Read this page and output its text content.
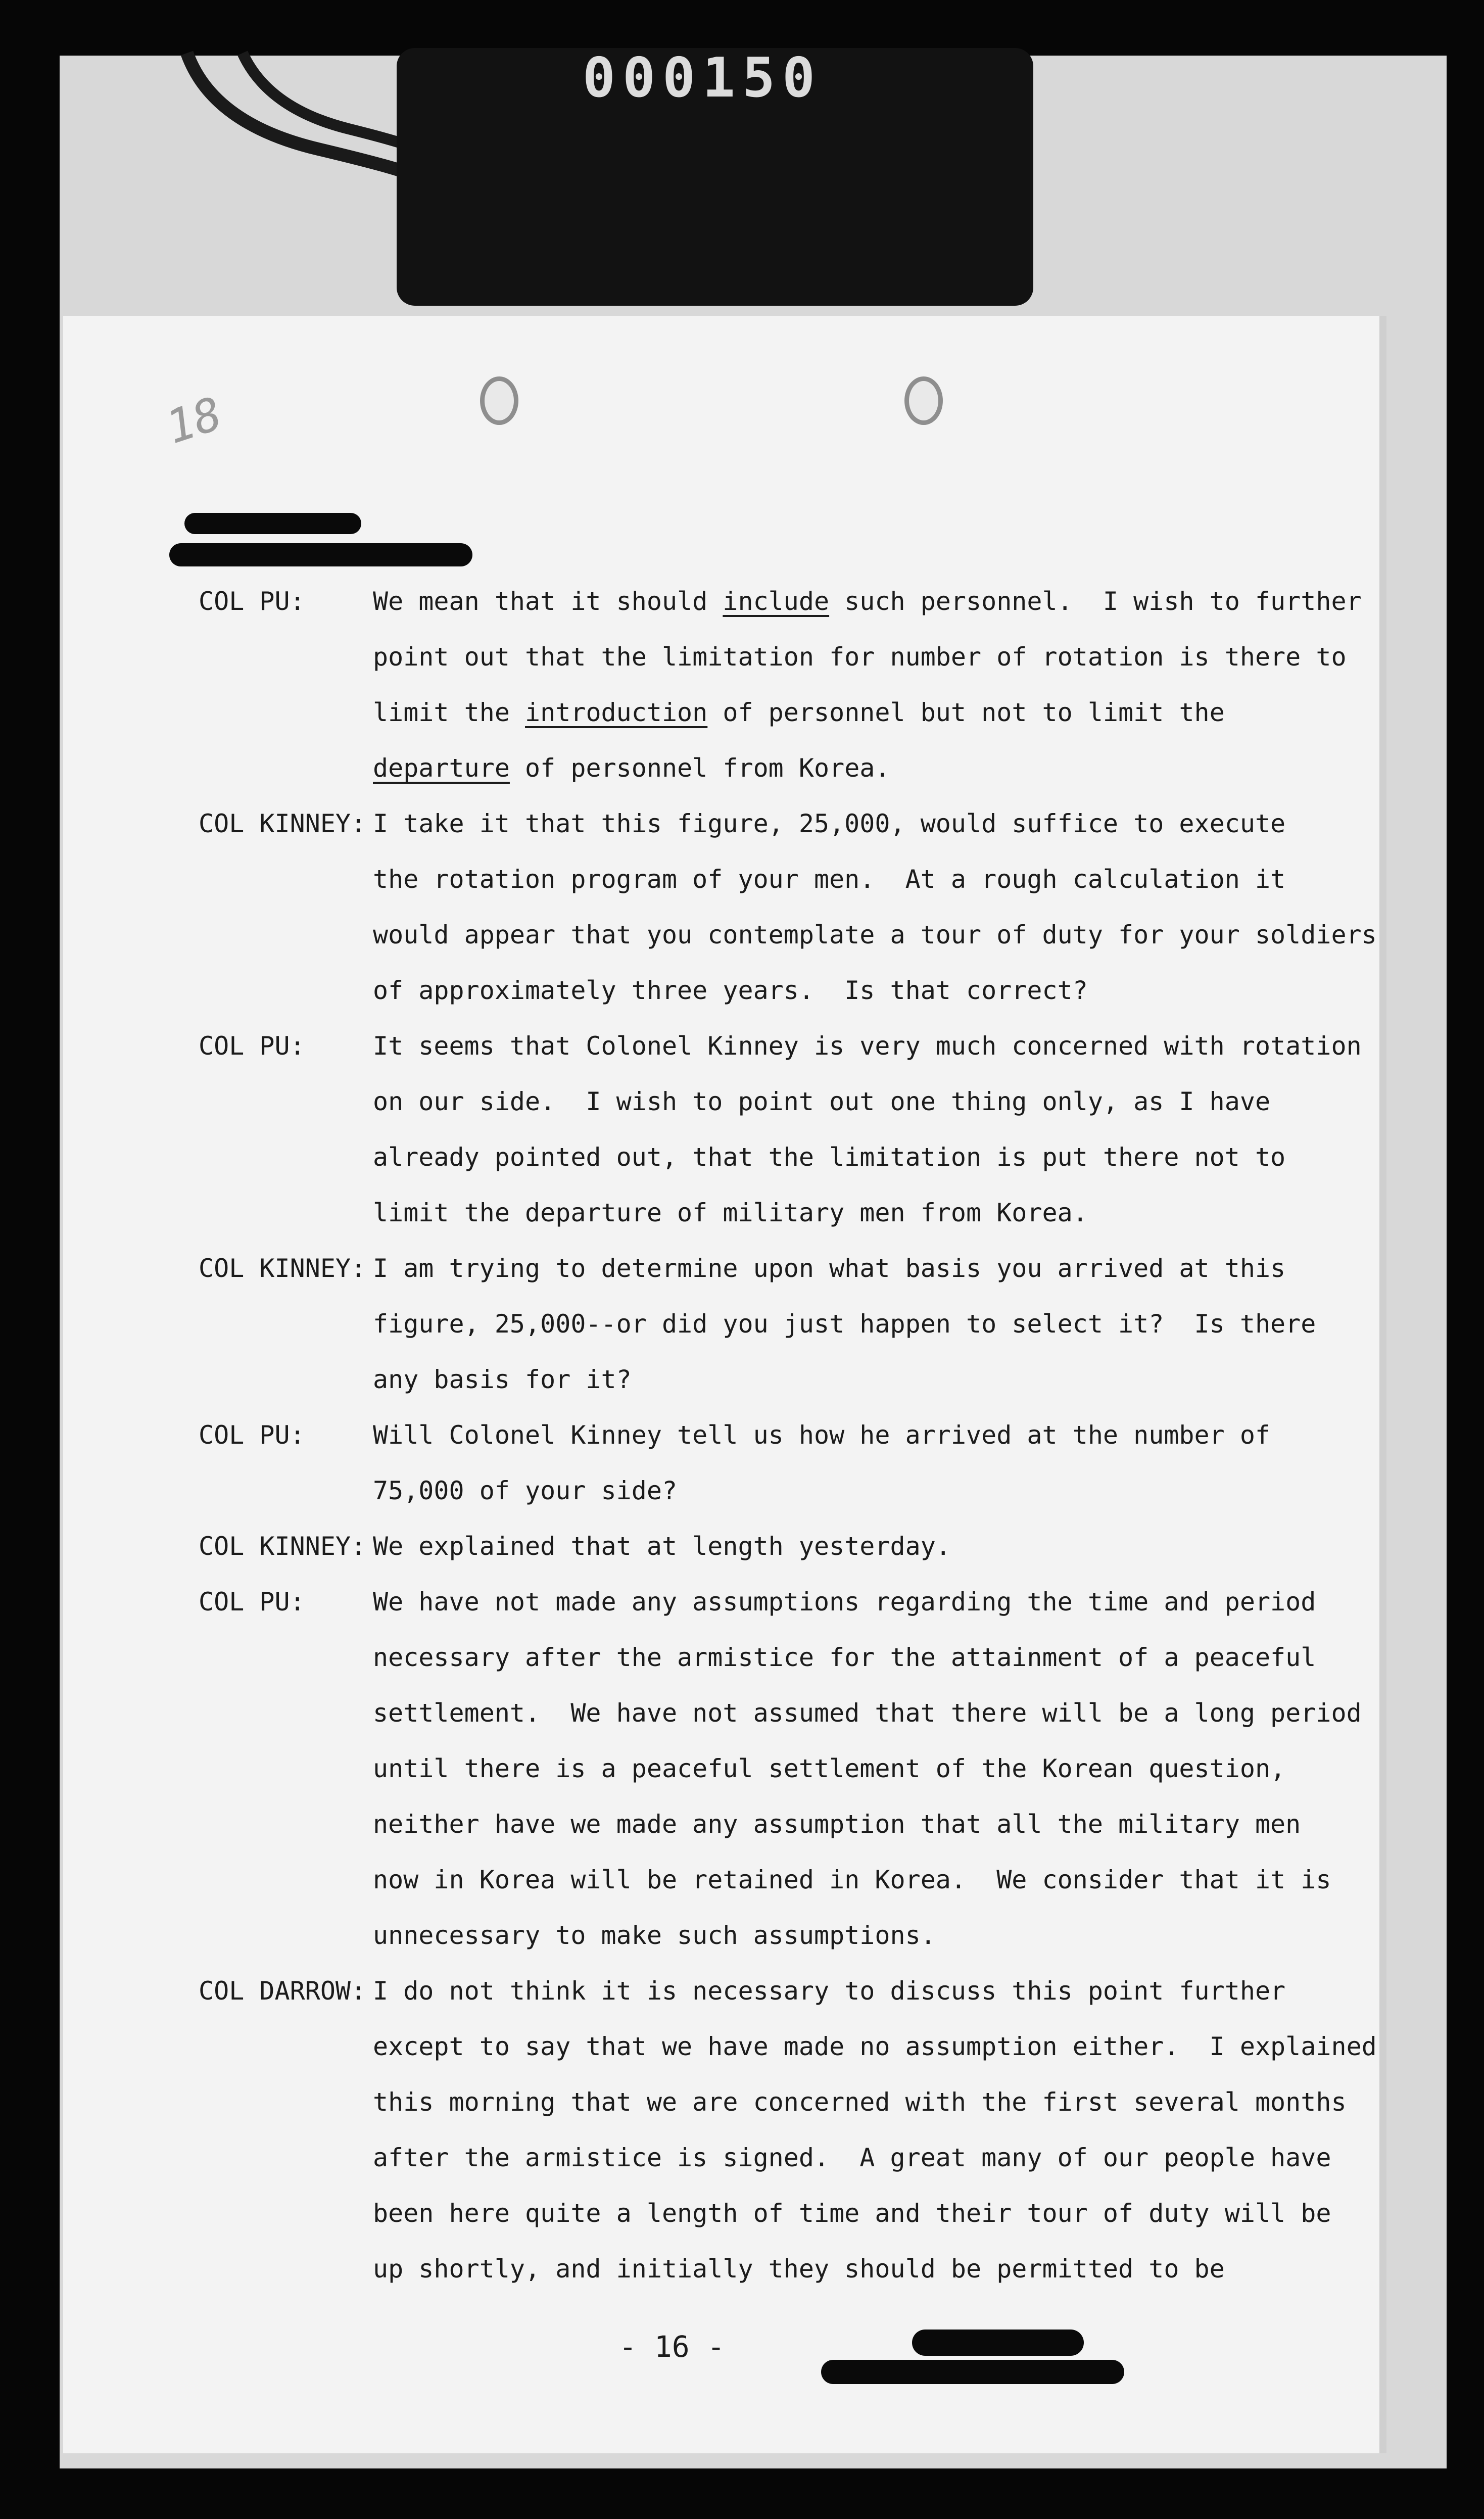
000150
18
COL PU:	We mean that it should include such personnel.  I wish to further
point out that the limitation for number of rotation is there to
limit the introduction of personnel but not to limit the
departure of personnel from Korea.
COL KINNEY: I take it that this figure, 25,000, would suffice to execute
the rotation program of your men.  At a rough calculation it
would appear that you contemplate a tour of duty for your soldiers
of approximately three years.  Is that correct?
COL PU:	It seems that Colonel Kinney is very much concerned with rotation
on our side.  I wish to point out one thing only, as I have
already pointed out, that the limitation is put there not to
limit the departure of military men from Korea.
COL KINNEY: I am trying to determine upon what basis you arrived at this
figure, 25,000--or did you just happen to select it?  Is there
any basis for it?
COL PU:	Will Colonel Kinney tell us how he arrived at the number of
75,000 of your side?
COL KINNEY: We explained that at length yesterday.
COL PU:	We have not made any assumptions regarding the time and period
necessary after the armistice for the attainment of a peaceful
settlement.  We have not assumed that there will be a long period
until there is a peaceful settlement of the Korean question,
neither have we made any assumption that all the military men
now in Korea will be retained in Korea.  We consider that it is
unnecessary to make such assumptions.
COL DARROW: I do not think it is necessary to discuss this point further
except to say that we have made no assumption either.  I explained
this morning that we are concerned with the first several months
after the armistice is signed.  A great many of our people have
been here quite a length of time and their tour of duty will be
up shortly, and initially they should be permitted to be
- 16 -
